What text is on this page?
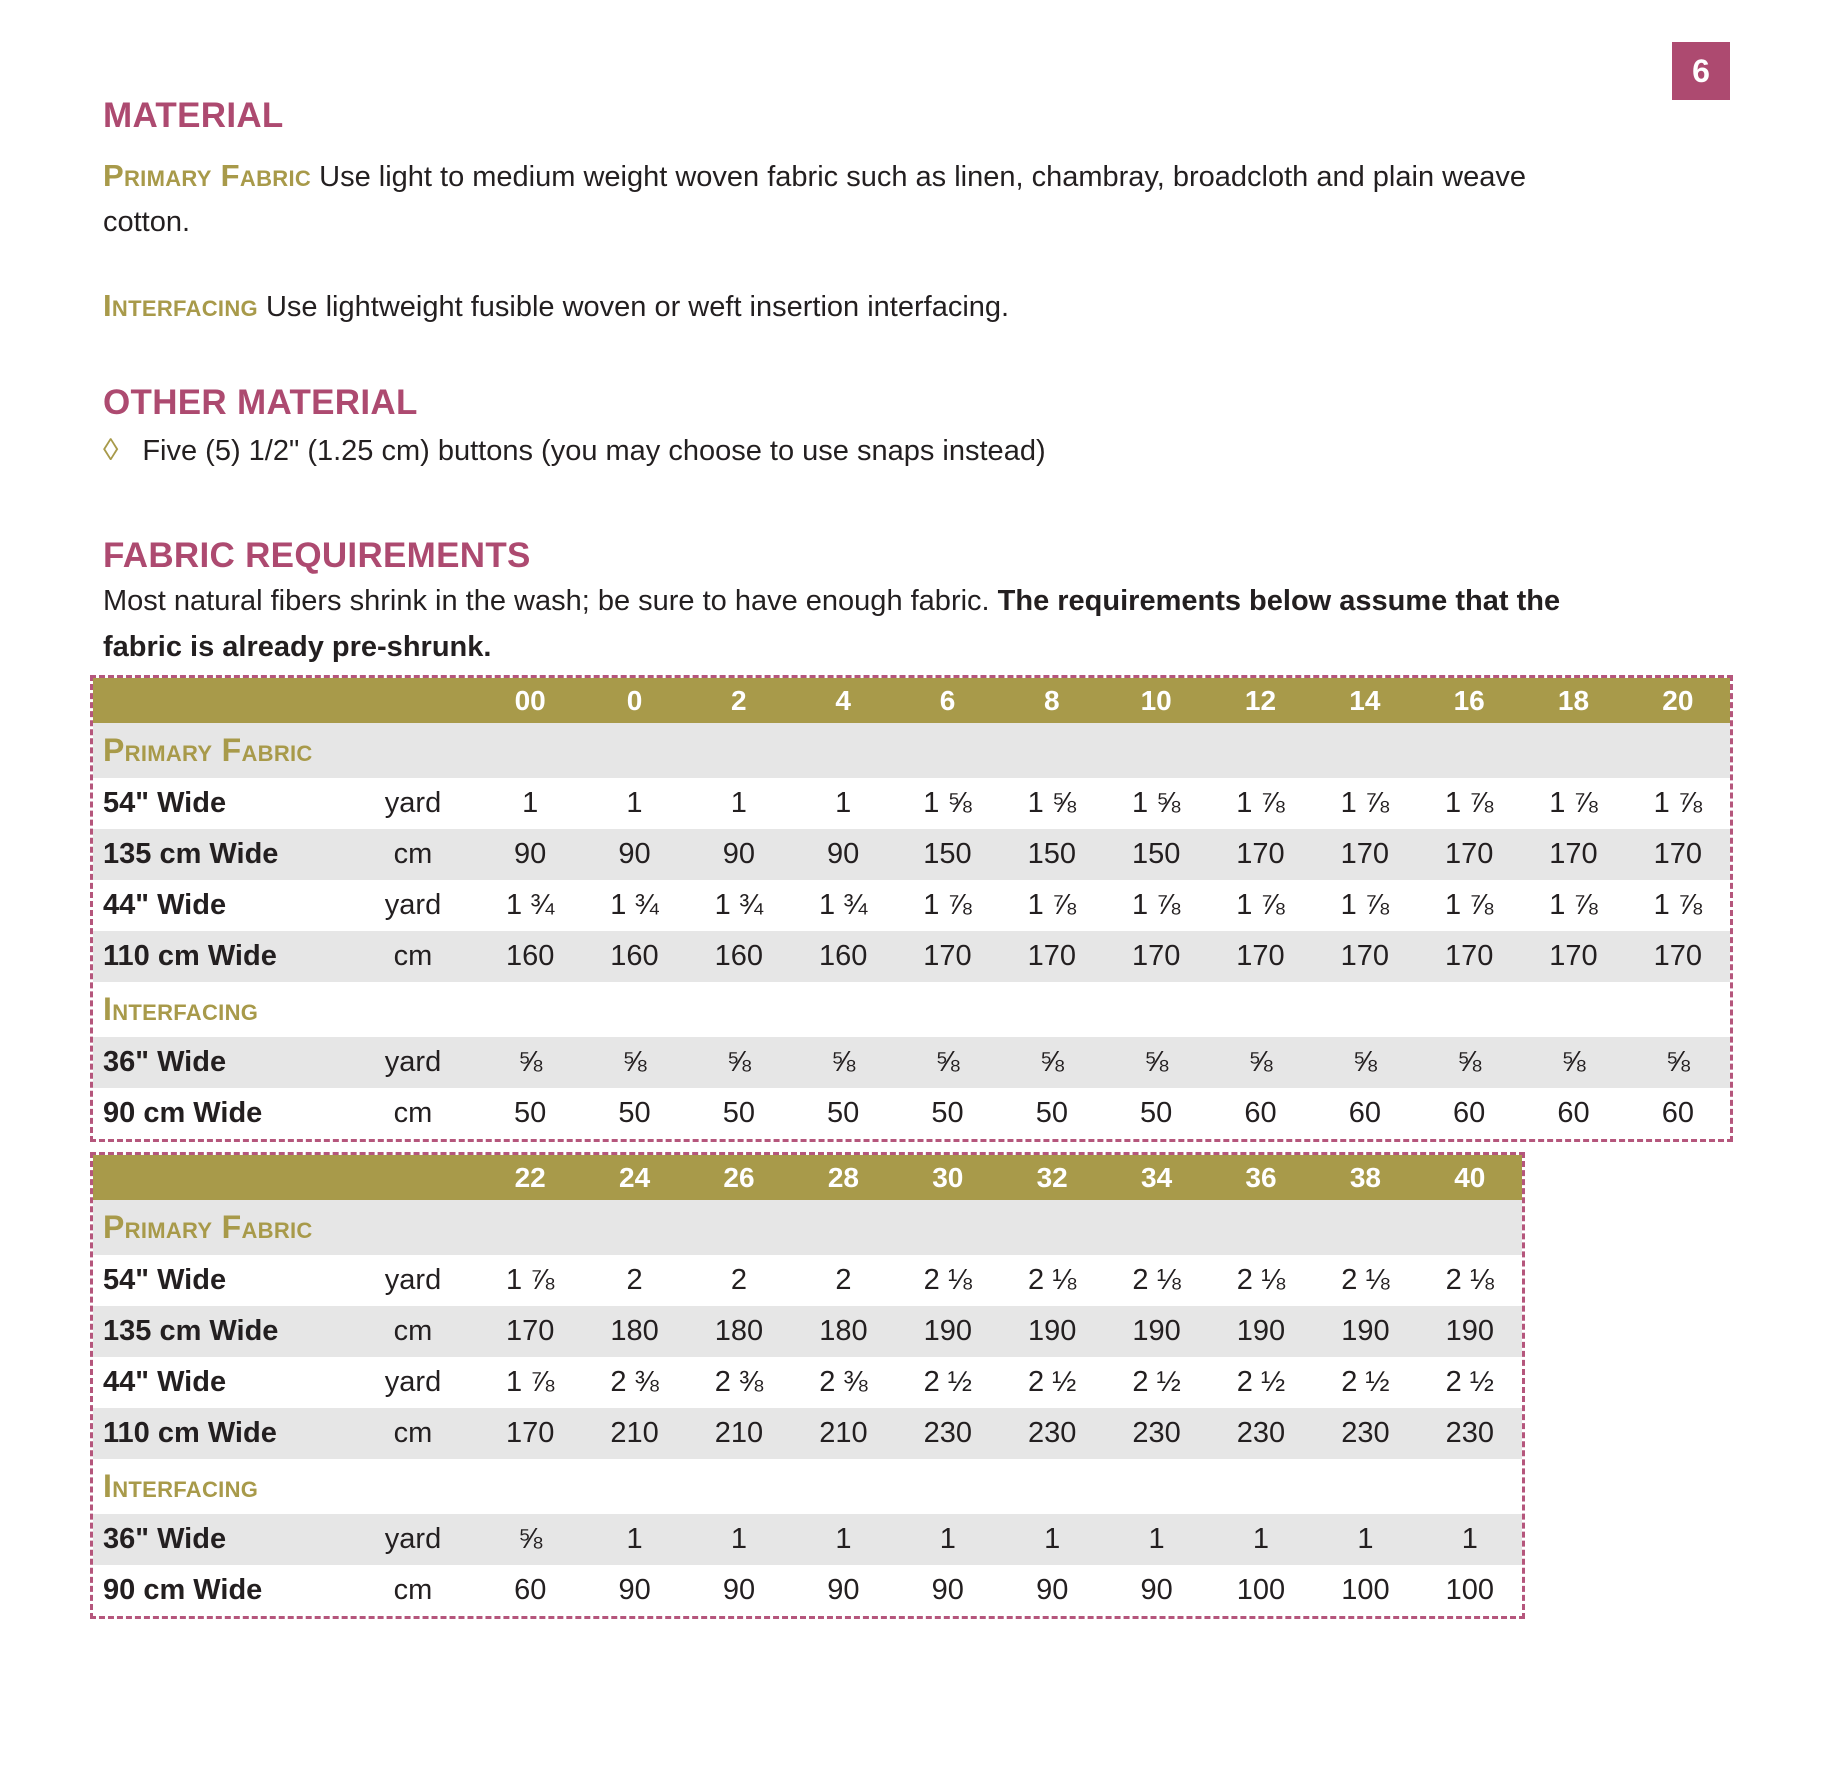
6
MATERIAL

Primary Fabric Use light to medium weight woven fabric such as linen, chambray, broadcloth and plain weave cotton.

Interfacing Use lightweight fusible woven or weft insertion interfacing.

OTHER MATERIAL
◊ Five (5) 1/2" (1.25 cm) buttons (you may choose to use snaps instead)
FABRIC REQUIREMENTS

Most natural fibers shrink in the wash; be sure to have enough fabric. The requirements below assume that the fabric is already pre-shrunk.

00	0	2	4	6	8	10	12	14	16	18	20
Primary Fabric
54" Wide	yard	1	1	1	1	1 ⅝	1 ⅝	1 ⅝	1 ⅞	1 ⅞	1 ⅞	1 ⅞	1 ⅞
135 cm Wide	cm	90	90	90	90	150	150	150	170	170	170	170	170
44" Wide	yard	1 ¾	1 ¾	1 ¾	1 ¾	1 ⅞	1 ⅞	1 ⅞	1 ⅞	1 ⅞	1 ⅞	1 ⅞	1 ⅞
110 cm Wide	cm	160	160	160	160	170	170	170	170	170	170	170	170
Interfacing
36" Wide	yard	⅝	⅝	⅝	⅝	⅝	⅝	⅝	⅝	⅝	⅝	⅝	⅝
90 cm Wide	cm	50	50	50	50	50	50	50	60	60	60	60	60
22	24	26	28	30	32	34	36	38	40
Primary Fabric
54" Wide	yard	1 ⅞	2	2	2	2 ⅛	2 ⅛	2 ⅛	2 ⅛	2 ⅛	2 ⅛
135 cm Wide	cm	170	180	180	180	190	190	190	190	190	190
44" Wide	yard	1 ⅞	2 ⅜	2 ⅜	2 ⅜	2 ½	2 ½	2 ½	2 ½	2 ½	2 ½
110 cm Wide	cm	170	210	210	210	230	230	230	230	230	230
Interfacing
36" Wide	yard	⅝	1	1	1	1	1	1	1	1	1
90 cm Wide	cm	60	90	90	90	90	90	90	100	100	100
